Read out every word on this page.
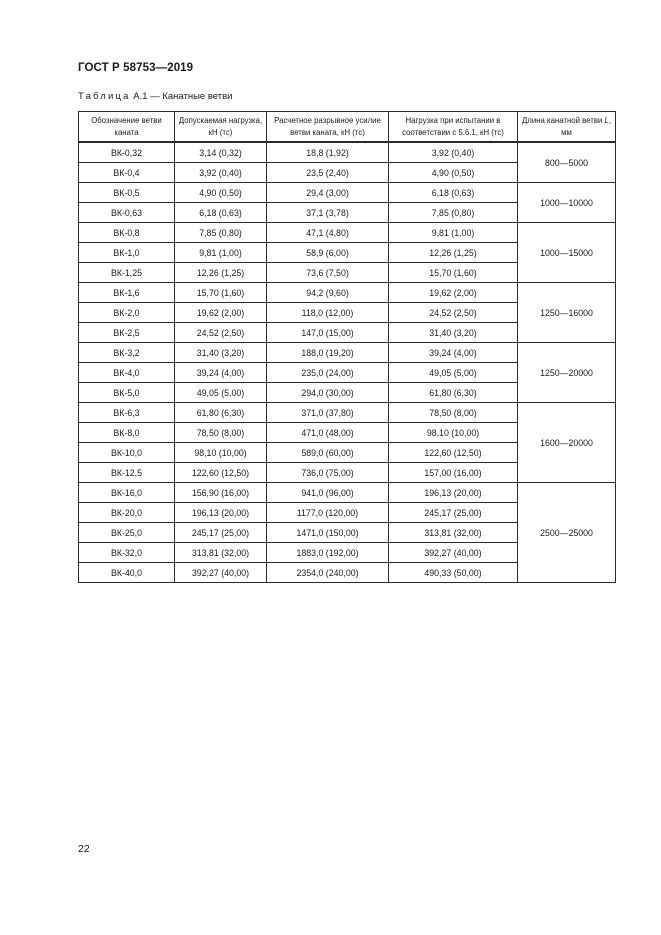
ГОСТ Р 58753—2019
Таблица А.1 — Канатные ветви
Обозначение ветви каната	Допускаемая нагрузка, кН (тс)	Расчетное разрывное усилие ветви каната, кН (тс)	Нагрузка при испытании в соответствии с 5.6.1, кН (тс)	Длина канатной ветви L, мм
ВК-0,32	3,14 (0,32)	18,8 (1,92)	3,92 (0,40)	800—5000
ВК-0,4	3,92 (0,40)	23,5 (2,40)	4,90 (0,50)	
ВК-0,5	4,90 (0,50)	29,4 (3,00)	6,18 (0,63)	1000—10000
ВК-0,63	6,18 (0,63)	37,1 (3,78)	7,85 (0,80)	
ВК-0,8	7,85 (0,80)	47,1 (4,80)	9,81 (1,00)	1000—15000
ВК-1,0	9,81 (1,00)	58,9 (6,00)	12,26 (1,25)	
ВК-1,25	12,26 (1,25)	73,6 (7,50)	15,70 (1,60)	
ВК-1,6	15,70 (1,60)	94,2 (9,60)	19,62 (2,00)	1250—16000
ВК-2,0	19,62 (2,00)	118,0 (12,00)	24,52 (2,50)	
ВК-2,5	24,52 (2,50)	147,0 (15,00)	31,40 (3,20)	
ВК-3,2	31,40 (3,20)	188,0 (19,20)	39,24 (4,00)	1250—20000
ВК-4,0	39,24 (4,00)	235,0 (24,00)	49,05 (5,00)	
ВК-5,0	49,05 (5,00)	294,0 (30,00)	61,80 (6,30)	
ВК-6,3	61,80 (6,30)	371,0 (37,80)	78,50 (8,00)	1600—20000
ВК-8,0	78,50 (8,00)	471,0 (48,00)	98,10 (10,00)	
ВК-10,0	98,10 (10,00)	589,0 (60,00)	122,60 (12,50)	
ВК-12,5	122,60 (12,50)	736,0 (75,00)	157,00 (16,00)	
ВК-16,0	156,90 (16,00)	941,0 (96,00)	196,13 (20,00)	2500—25000
ВК-20,0	196,13 (20,00)	1177,0 (120,00)	245,17 (25,00)	
ВК-25,0	245,17 (25,00)	1471,0 (150,00)	313,81 (32,00)	
ВК-32,0	313,81 (32,00)	1883,0 (192,00)	392,27 (40,00)	
ВК-40,0	392,27 (40,00)	2354,0 (240,00)	490,33 (50,00)	
22
